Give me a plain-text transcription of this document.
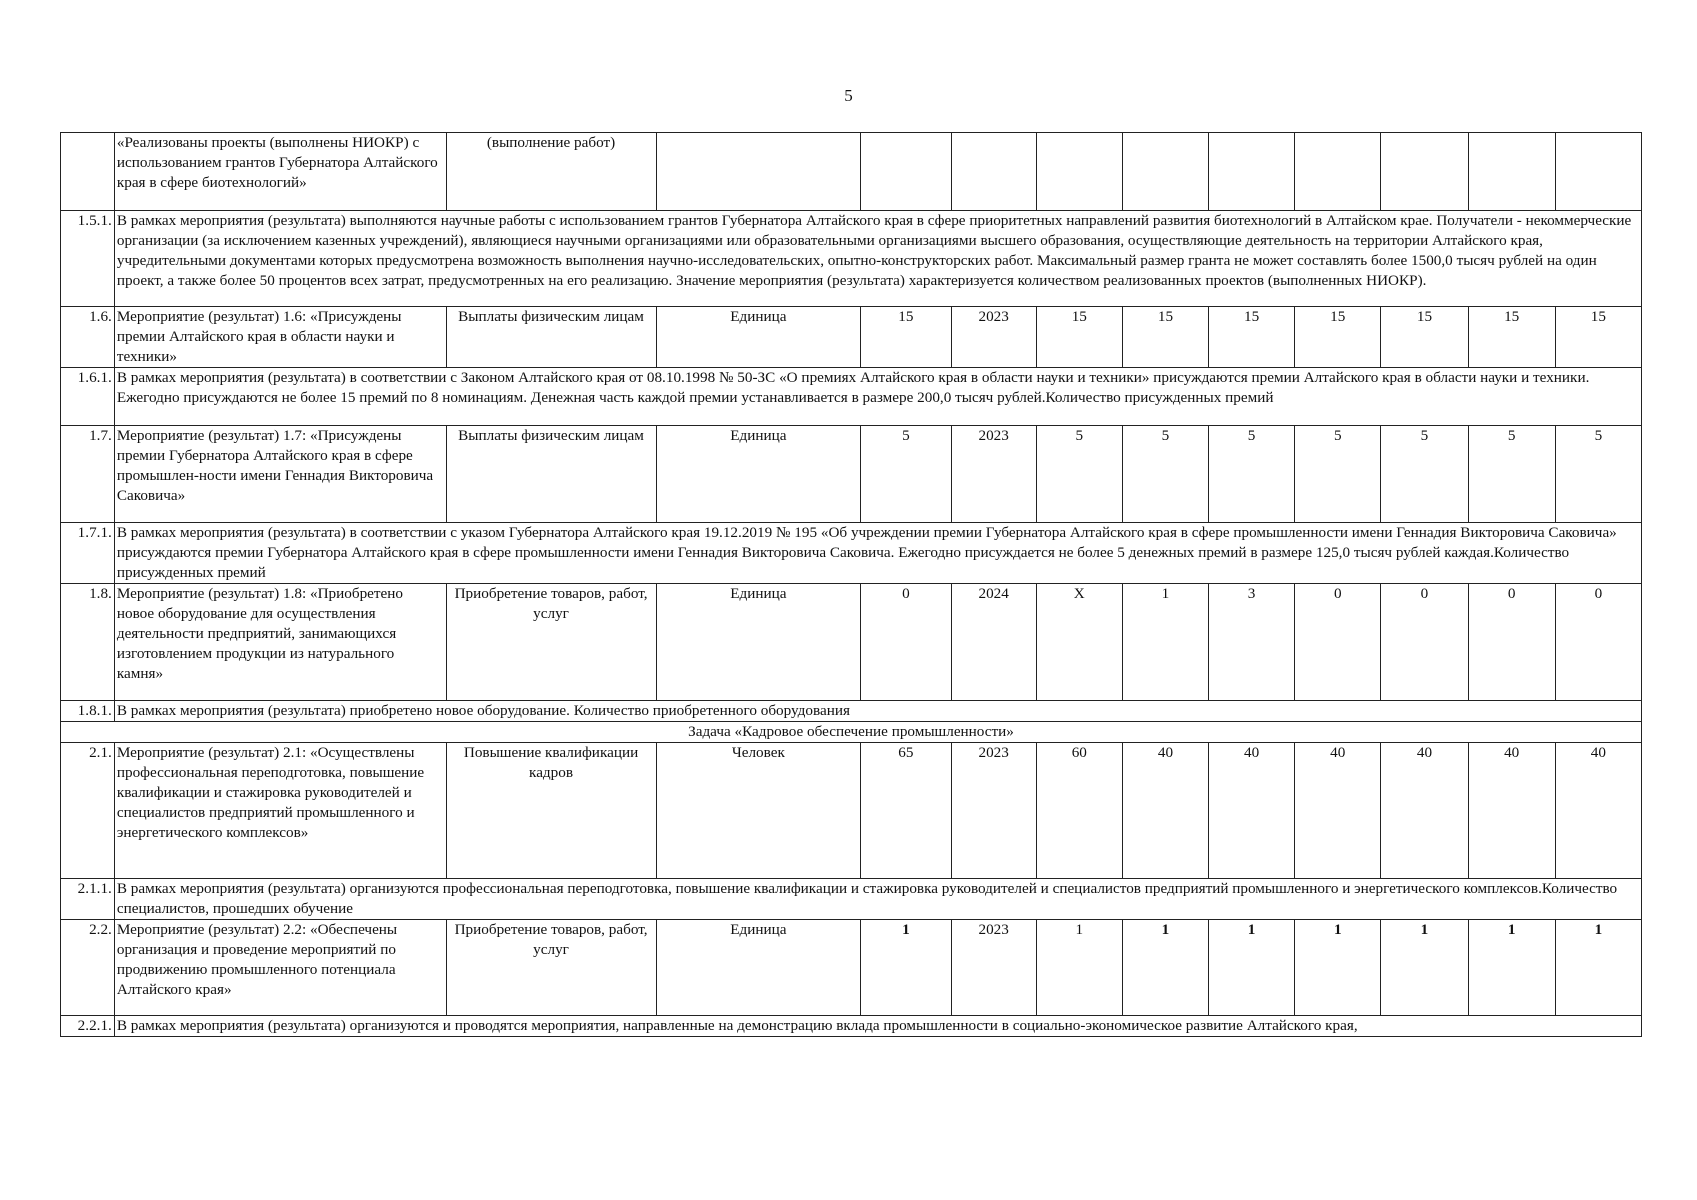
5
	«Реализованы проекты (выполнены НИОКР) с использованием грантов Губернатора Алтайского края в сфере биотехнологий»	(выполнение работ)										
1.5.1.	В рамках мероприятия (результата) выполняются научные работы с использованием грантов Губернатора Алтайского края в сфере приоритетных направлений развития биотехнологий в Алтайском крае. Получатели - некоммерческие организации (за исключением казенных учреждений), являющиеся научными организациями или образовательными организациями высшего образования, осуществляющие деятельность на территории Алтайского края, учредительными документами которых предусмотрена возможность выполнения научно-исследовательских, опытно-конструкторских работ. Максимальный размер гранта не может составлять более 1500,0 тысяч рублей на один проект, а также более 50 процентов всех затрат, предусмотренных на его реализацию. Значение мероприятия (результата) характеризуется количеством реализованных проектов (выполненных НИОКР).											
1.6.	Мероприятие (результат) 1.6: «Присуждены премии Алтайского края в области науки и техники»	Выплаты физическим лицам	Единица	15	2023	15	15	15	15	15	15	15
1.6.1.	В рамках мероприятия (результата) в соответствии с Законом Алтайского края от 08.10.1998 № 50-ЗС «О премиях Алтайского края в области науки и техники» присуждаются премии Алтайского края в области науки и техники. Ежегодно присуждаются не более 15 премий по 8 номинациям. Денежная часть каждой премии устанавливается в размере 200,0 тысяч рублей.Количество присужденных премий											
1.7.	Мероприятие (результат) 1.7: «Присуждены премии Губернатора Алтайского края в сфере промышлен-ности имени Геннадия Викторовича Саковича»	Выплаты физическим лицам	Единица	5	2023	5	5	5	5	5	5	5
1.7.1.	В рамках мероприятия (результата) в соответствии с указом Губернатора Алтайского края 19.12.2019 № 195 «Об учреждении премии Губернатора Алтайского края в сфере промышленности имени Геннадия Викторовича Саковича» присуждаются премии Губернатора Алтайского края в сфере промышленности имени Геннадия Викторовича Саковича. Ежегодно присуждается не более 5 денежных премий в размере 125,0 тысяч рублей каждая.Количество присужденных премий											
1.8.	Мероприятие (результат) 1.8: «Приобретено новое оборудование для осуществления деятельности предприятий, занимающихся изготовлением продукции из натурального камня»	Приобретение товаров, работ, услуг	Единица	0	2024	X	1	3	0	0	0	0
1.8.1.	В рамках мероприятия (результата) приобретено новое оборудование. Количество приобретенного оборудования											
Задача «Кадровое обеспечение промышленности»												
2.1.	Мероприятие (результат) 2.1: «Осуществлены профессиональная переподготовка, повышение квалификации и стажировка руководителей и специалистов предприятий промышленного и энергетического комплексов»	Повышение квалификации кадров	Человек	65	2023	60	40	40	40	40	40	40
2.1.1.	В рамках мероприятия (результата) организуются профессиональная переподготовка, повышение квалификации и стажировка руководителей и специалистов предприятий промышленного и энергетического комплексов.Количество специалистов, прошедших обучение											
2.2.	Мероприятие (результат) 2.2: «Обеспечены организация и проведение мероприятий по продвижению промышленного потенциала Алтайского края»	Приобретение товаров, работ, услуг	Единица	1	2023	1	1	1	1	1	1	1
2.2.1.	В рамках мероприятия (результата) организуются и проводятся мероприятия, направленные на демонстрацию вклада промышленности в социально-экономическое развитие Алтайского края,											
